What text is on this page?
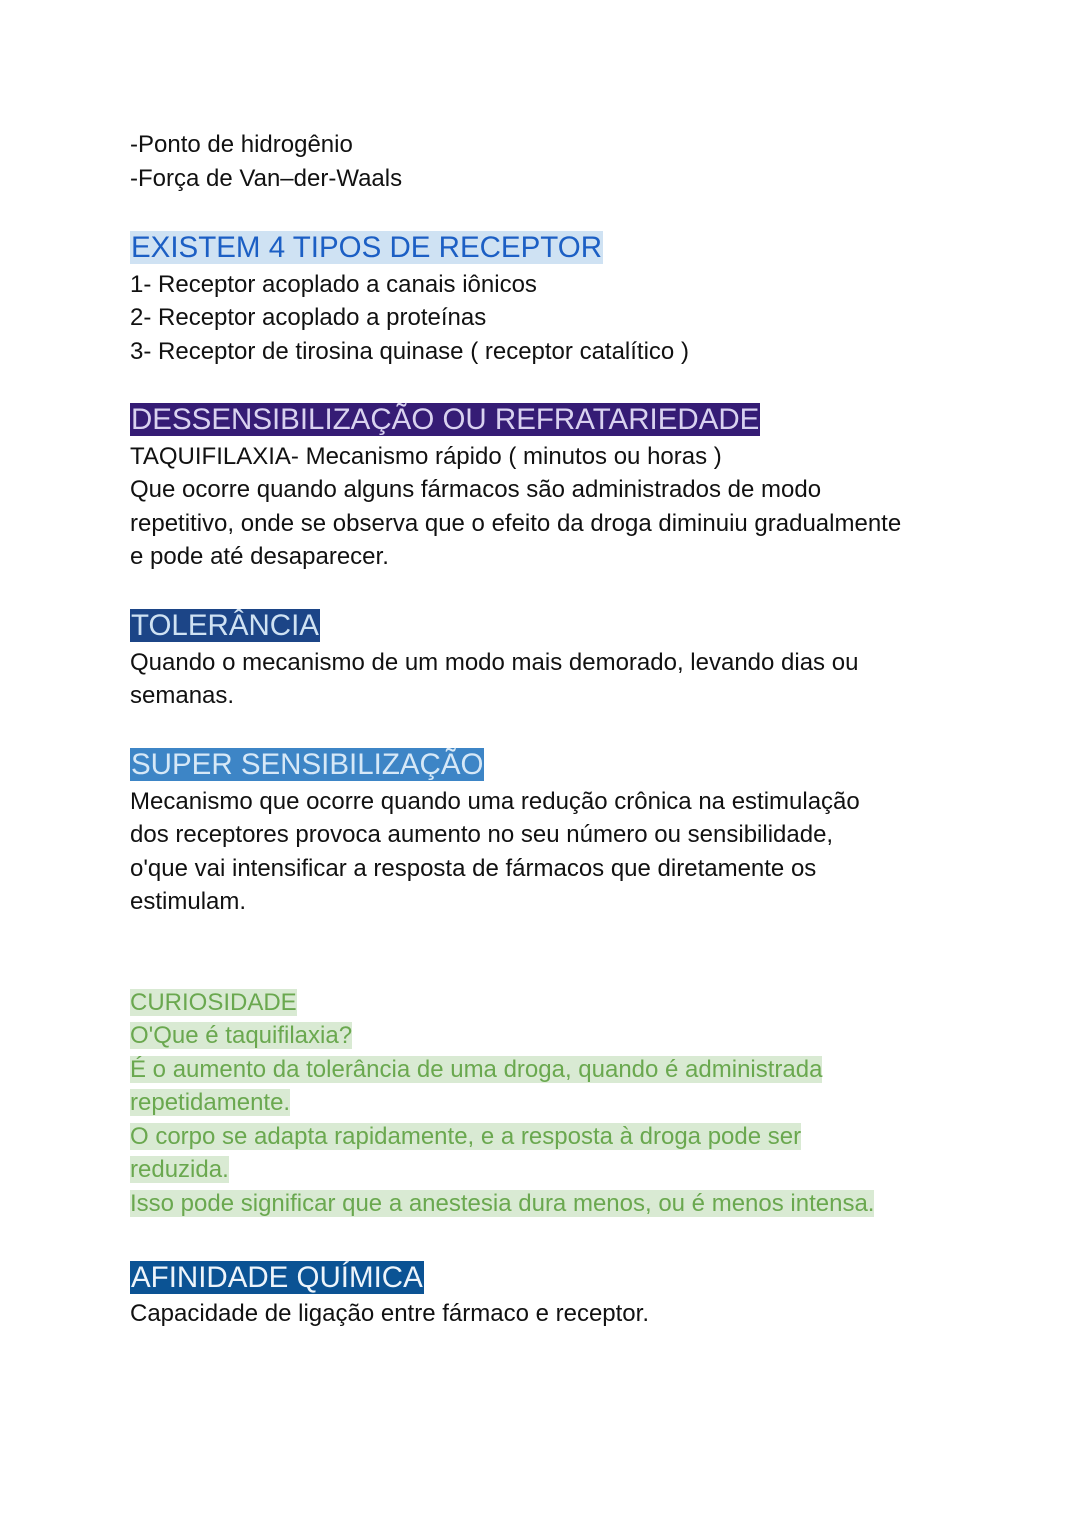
-Ponto de hidrogênio
-Força de Van–der-Waals
EXISTEM 4 TIPOS DE RECEPTOR
1- Receptor acoplado a canais iônicos
2- Receptor acoplado a proteínas
3- Receptor de tirosina quinase ( receptor catalítico )
DESSENSIBILIZAÇÃO OU REFRATARIEDADE
TAQUIFILAXIA- Mecanismo rápido ( minutos ou horas )
Que ocorre quando alguns fármacos são administrados de modo
repetitivo, onde se observa que o efeito da droga diminuiu gradualmente
e pode até desaparecer.
TOLERÂNCIA
Quando o mecanismo de um modo mais demorado, levando dias ou
semanas.
SUPER SENSIBILIZAÇÃO
Mecanismo que ocorre quando uma redução crônica na estimulação
dos receptores provoca aumento no seu número ou sensibilidade,
o'que vai intensificar a resposta de fármacos que diretamente os
estimulam.
CURIOSIDADE
O'Que é taquifilaxia?
É o aumento da tolerância de uma droga, quando é administrada
repetidamente.
O corpo se adapta rapidamente, e a resposta à droga pode ser
reduzida.
Isso pode significar que a anestesia dura menos, ou é menos intensa.
AFINIDADE QUÍMICA
Capacidade de ligação entre fármaco e receptor.
